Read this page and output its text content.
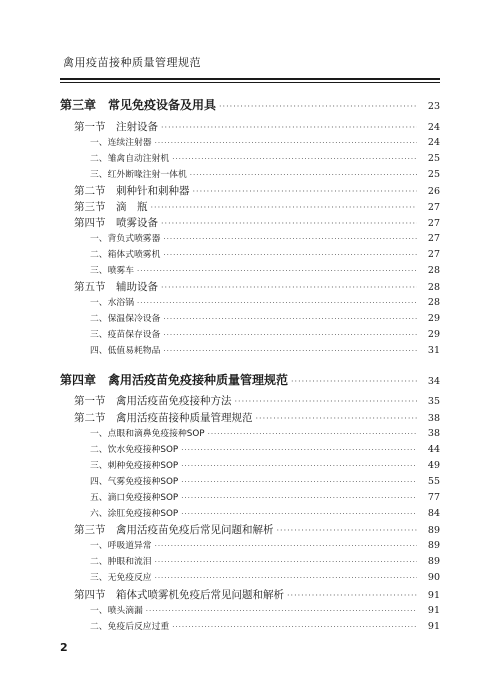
禽用疫苗接种质量管理规范
第三章　常见免疫设备及用具 ·····	23
第一节　注射设备 ·····	24
一、连续注射器 ·····	24
二、雏禽自动注射机 ·····	25
三、红外断喙注射一体机 ·····	25
第二节　刺种针和刺种器 ·····	26
第三节　滴　瓶 ·····	27
第四节　喷雾设备 ·····	27
一、背负式喷雾器 ·····	27
二、箱体式喷雾机 ·····	27
三、喷雾车 ·····	28
第五节　辅助设备 ·····	28
一、水浴锅 ·····	28
二、保温保冷设备 ·····	29
三、疫苗保存设备 ·····	29
四、低值易耗物品 ·····	31
第四章　禽用活疫苗免疫接种质量管理规范 ·····	34
第一节　禽用活疫苗免疫接种方法 ·····	35
第二节　禽用活疫苗接种质量管理规范 ·····	38
一、点眼和滴鼻免疫接种SOP ·····	38
二、饮水免疫接种SOP ·····	44
三、刺种免疫接种SOP ·····	49
四、气雾免疫接种SOP ·····	55
五、滴口免疫接种SOP ·····	77
六、涂肛免疫接种SOP ·····	84
第三节　禽用活疫苗免疫后常见问题和解析 ·····	89
一、呼吸道异常 ·····	89
二、肿眼和流泪 ·····	89
三、无免疫反应 ·····	90
第四节　箱体式喷雾机免疫后常见问题和解析 ·····	91
一、喷头滴漏 ·····	91
二、免疫后反应过重 ·····	91
2
